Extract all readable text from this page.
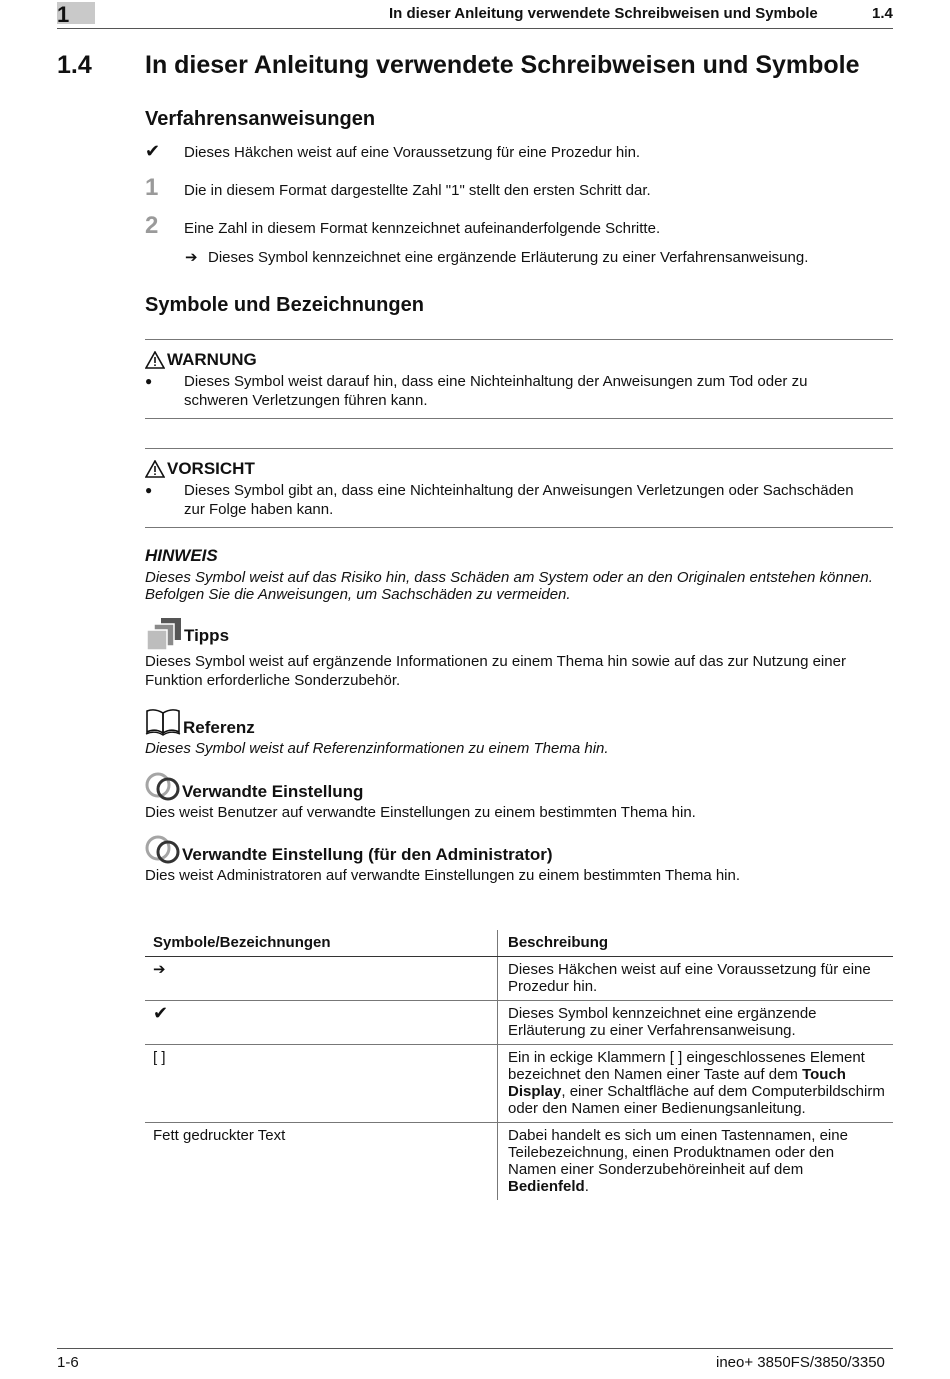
1	In dieser Anleitung verwendete Schreibweisen und Symbole	1.4
1.4 In dieser Anleitung verwendete Schreibweisen und Symbole
Verfahrensanweisungen
✔ Dieses Häkchen weist auf eine Voraussetzung für eine Prozedur hin.
1 Die in diesem Format dargestellte Zahl "1" stellt den ersten Schritt dar.
2 Eine Zahl in diesem Format kennzeichnet aufeinanderfolgende Schritte.
➔ Dieses Symbol kennzeichnet eine ergänzende Erläuterung zu einer Verfahrensanweisung.
Symbole und Bezeichnungen
WARNUNG
● Dieses Symbol weist darauf hin, dass eine Nichteinhaltung der Anweisungen zum Tod oder zu
schweren Verletzungen führen kann.
VORSICHT
● Dieses Symbol gibt an, dass eine Nichteinhaltung der Anweisungen Verletzungen oder Sachschäden
zur Folge haben kann.
HINWEIS
Dieses Symbol weist auf das Risiko hin, dass Schäden am System oder an den Originalen entstehen können.
Befolgen Sie die Anweisungen, um Sachschäden zu vermeiden.
Tipps
Dieses Symbol weist auf ergänzende Informationen zu einem Thema hin sowie auf das zur Nutzung einer
Funktion erforderliche Sonderzubehör.
Referenz
Dieses Symbol weist auf Referenzinformationen zu einem Thema hin.
Verwandte Einstellung
Dies weist Benutzer auf verwandte Einstellungen zu einem bestimmten Thema hin.
Verwandte Einstellung (für den Administrator)
Dies weist Administratoren auf verwandte Einstellungen zu einem bestimmten Thema hin.
Symbole/Bezeichnungen	Beschreibung
➔	Dieses Häkchen weist auf eine Voraussetzung für eine Prozedur hin.
✔	Dieses Symbol kennzeichnet eine ergänzende Erläuterung zu einer Verfahrensanweisung.
[ ]	Ein in eckige Klammern [ ] eingeschlossenes Element bezeichnet den Namen einer Taste auf dem Touch Display, einer Schaltfläche auf dem Computerbildschirm oder den Namen einer Bedienungsanleitung.
Fett gedruckter Text	Dabei handelt es sich um einen Tastennamen, eine Teilebezeichnung, einen Produktnamen oder den Namen einer Sonderzubehöreinheit auf dem Bedienfeld.
1-6	ineo+ 3850FS/3850/3350
